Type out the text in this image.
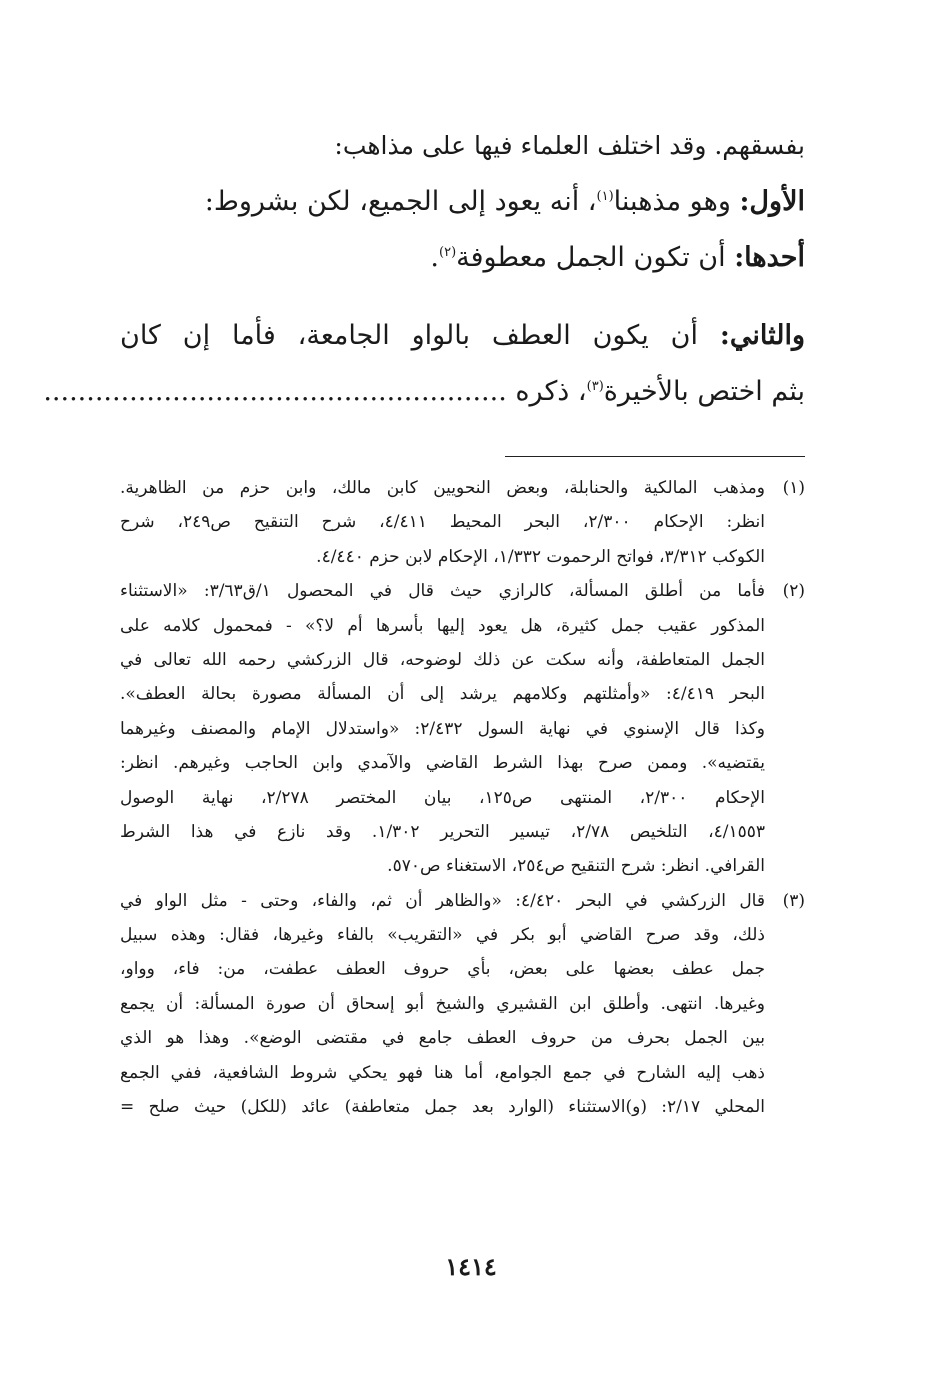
بفسقهم. وقد اختلف العلماء فيها على مذاهب:
الأول: وهو مذهبنا$^{(١)}$، أنه يعود إلى الجميع، لكن بشروط:
أحدها: أن تكون الجمل معطوفة$^{(٢)}$.
والثاني: أن يكون العطف بالواو الجامعة، فأما إن كان
بثم اختص بالأخيرة$^{(٣)}$، ذكره ......................................................
(١)
ومذهب المالكية والحنابلة، وبعض النحويين كابن مالك، وابن حزم من الظاهرية.
انظر: الإحكام ٢/٣٠٠، البحر المحيط ٤/٤١١، شرح التنقيح ص٢٤٩، شرح
الكوكب ٣/٣١٢، فواتح الرحموت ١/٣٣٢، الإحكام لابن حزم ٤/٤٤٠.
(٢)
فأما من أطلق المسألة، كالرازي حيث قال في المحصول ١/ق٣/٦٣: «الاستثناء
المذكور عقيب جمل كثيرة، هل يعود إليها بأسرها أم لا؟» - فمحمول كلامه على
الجمل المتعاطفة، وأنه سكت عن ذلك لوضوحه، قال الزركشي رحمه الله تعالى في
البحر ٤/٤١٩: «وأمثلتهم وكلامهم يرشد إلى أن المسألة مصورة بحالة العطف».
وكذا قال الإسنوي في نهاية السول ٢/٤٣٢: «واستدلال الإمام والمصنف وغيرهما
يقتضيه». وممن صرح بهذا الشرط القاضي والآمدي وابن الحاجب وغيرهم. انظر:
الإحكام ٢/٣٠٠، المنتهى ص١٢٥، بيان المختصر ٢/٢٧٨، نهاية الوصول
٤/١٥٥٣، التلخيص ٢/٧٨، تيسير التحرير ١/٣٠٢. وقد نازع في هذا الشرط
القرافي. انظر: شرح التنقيح ص٢٥٤، الاستغناء ص٥٧٠.
(٣)
قال الزركشي في البحر ٤/٤٢٠: «والظاهر أن ثم، والفاء، وحتى - مثل الواو في
ذلك، وقد صرح القاضي أبو بكر في «التقريب» بالفاء وغيرها، فقال: وهذه سبيل
جمل عطف بعضها على بعض، بأي حروف العطف عطفت، من: فاء، وواو،
وغيرها. انتهى. وأطلق ابن القشيري والشيخ أبو إسحاق أن صورة المسألة: أن يجمع
بين الجمل بحرف من حروف العطف جامع في مقتضى الوضع». وهذا هو الذي
ذهب إليه الشارح في جمع الجوامع، أما هنا فهو يحكي شروط الشافعية، ففي الجمع
المحلي ٢/١٧: (و)الاستثناء (الوارد بعد جمل متعاطفة) عائد (للكل) حيث صلح =
١٤١٤
